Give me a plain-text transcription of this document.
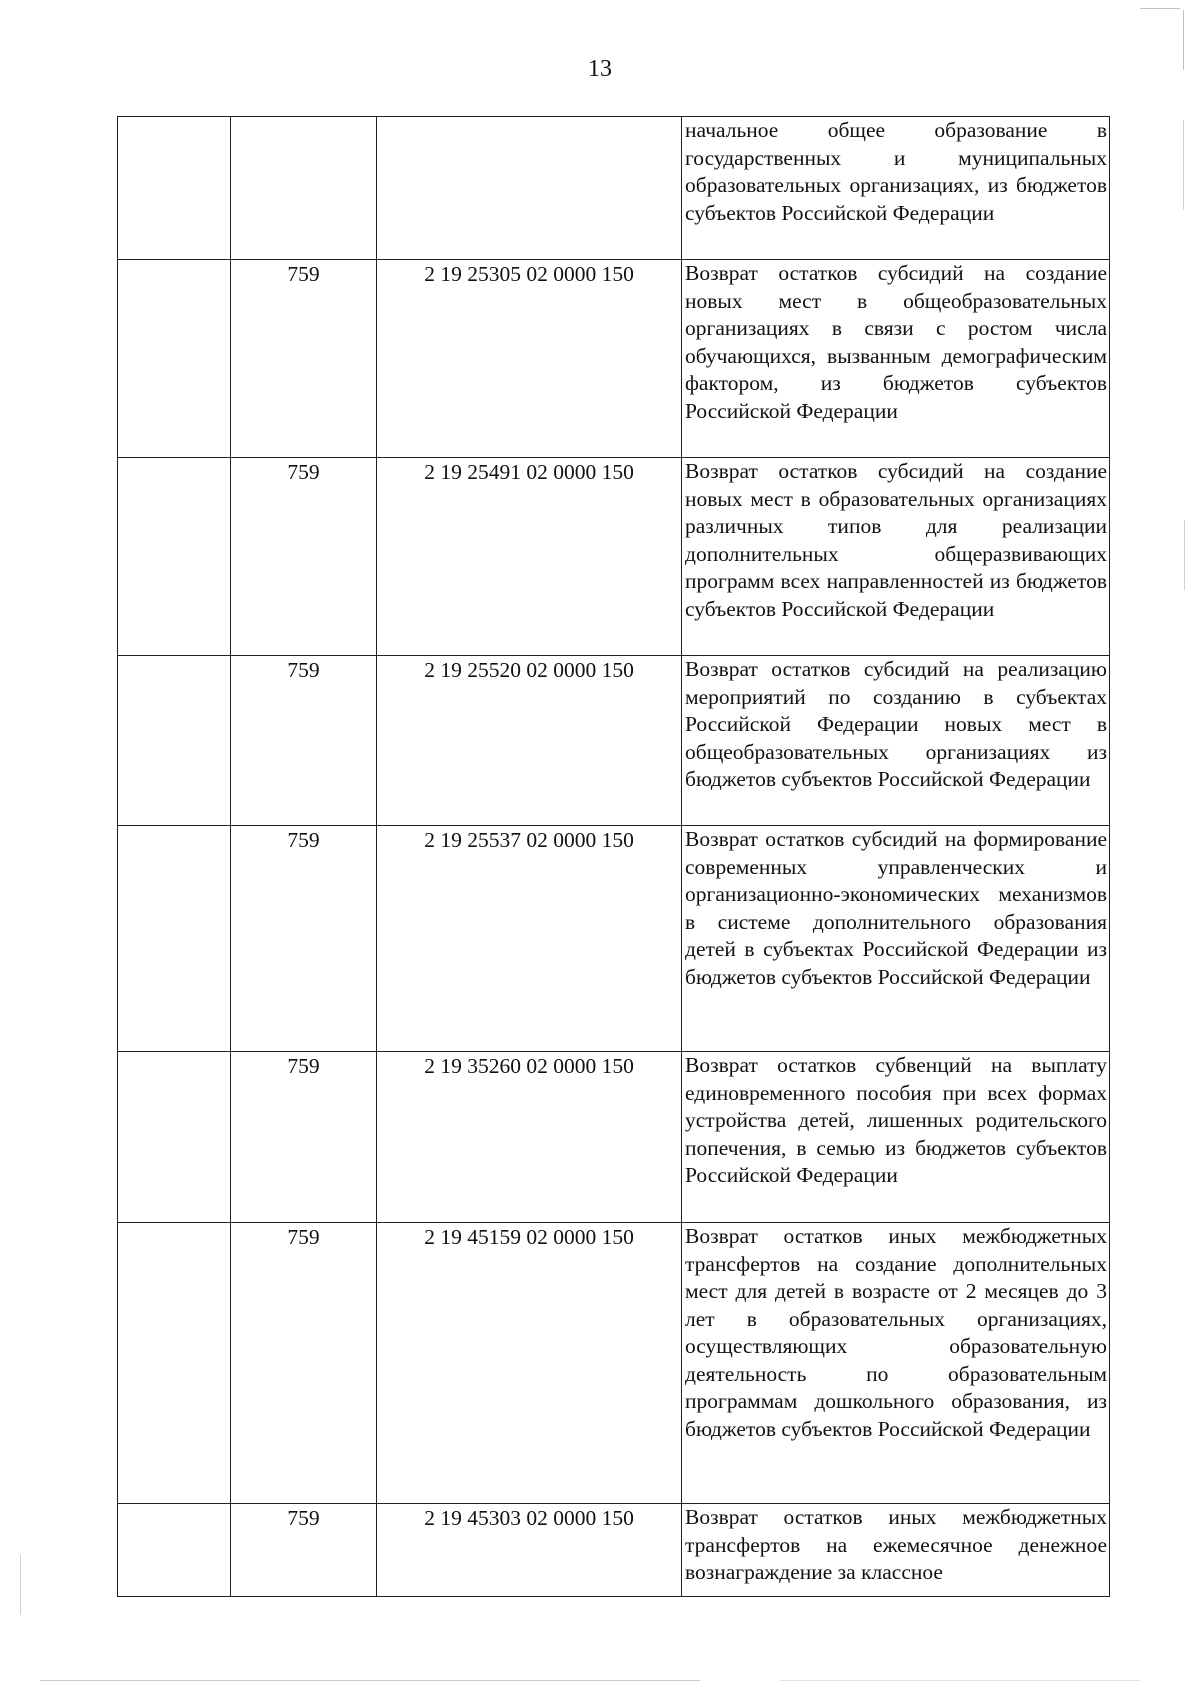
13
			начальное общее образование в государственных и муниципальных образовательных организациях, из бюджетов субъектов Российской Федерации
	759	2 19 25305 02 0000 150	Возврат остатков субсидий на создание новых мест в общеобразовательных организациях в связи с ростом числа обучающихся, вызванным демографическим фактором, из бюджетов субъектов Российской Федерации
	759	2 19 25491 02 0000 150	Возврат остатков субсидий на создание новых мест в образовательных организациях различных типов для реализации дополнительных общеразвивающих программ всех направленностей из бюджетов субъектов Российской Федерации
	759	2 19 25520 02 0000 150	Возврат остатков субсидий на реализацию мероприятий по созданию в субъектах Российской Федерации новых мест в общеобразовательных организациях из бюджетов субъектов Российской Федерации
	759	2 19 25537 02 0000 150	Возврат остатков субсидий на формирование современных управленческих и организационно-экономических механизмов в системе дополнительного образования детей в субъектах Российской Федерации из бюджетов субъектов Российской Федерации
	759	2 19 35260 02 0000 150	Возврат остатков субвенций на выплату единовременного пособия при всех формах устройства детей, лишенных родительского попечения, в семью из бюджетов субъектов Российской Федерации
	759	2 19 45159 02 0000 150	Возврат остатков иных межбюджетных трансфертов на создание дополнительных мест для детей в возрасте от 2 месяцев до 3 лет в образовательных организациях, осуществляющих образовательную деятельность по образовательным программам дошкольного образования, из бюджетов субъектов Российской Федерации
	759	2 19 45303 02 0000 150	Возврат остатков иных межбюджетных трансфертов на ежемесячное денежное вознаграждение за классное
